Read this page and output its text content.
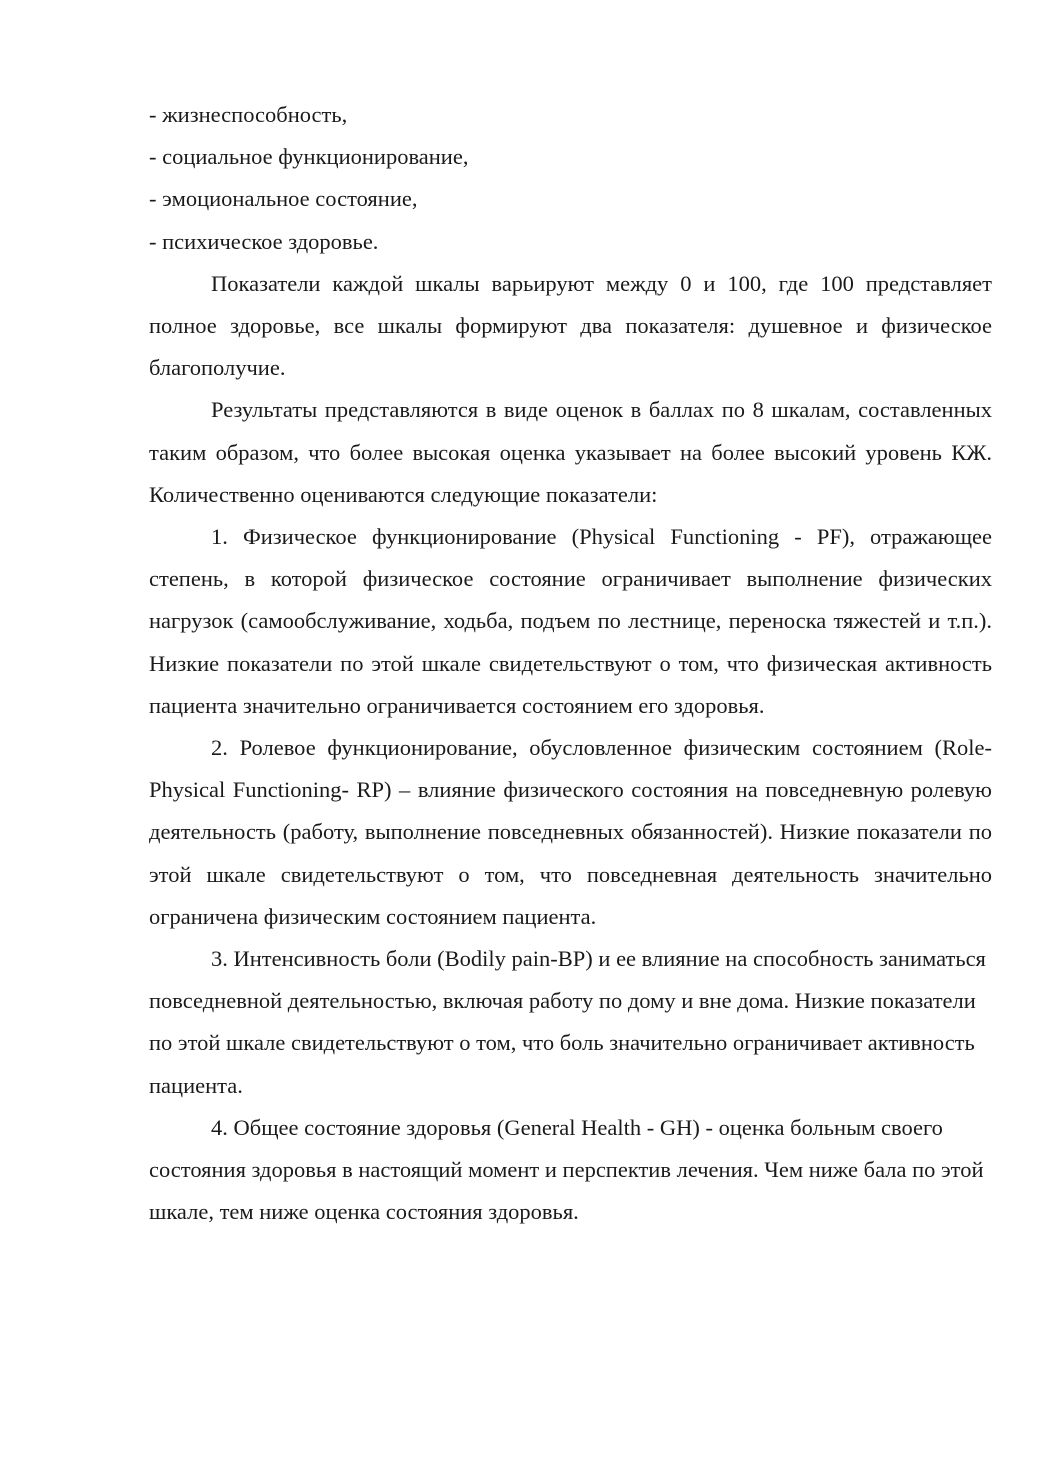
- жизнеспособность,

- социальное функционирование,

- эмоциональное состояние,

- психическое здоровье.

Показатели каждой шкалы варьируют между 0 и 100, где 100 представляет полное здоровье, все шкалы формируют два показателя: душевное и физическое благополучие.

Результаты представляются в виде оценок в баллах по 8 шкалам, составленных таким образом, что более высокая оценка указывает на более высокий уровень КЖ. Количественно оцениваются следующие показатели:

1. Физическое функционирование (Physical Functioning - PF), отражающее степень, в которой физическое состояние ограничивает выполнение физических нагрузок (самообслуживание, ходьба, подъем по лестнице, переноска тяжестей и т.п.). Низкие показатели по этой шкале свидетельствуют о том, что физическая активность пациента значительно ограничивается состоянием его здоровья.

2. Ролевое функционирование, обусловленное физическим состоянием (Role-Physical Functioning- RP) – влияние физического состояния на повседневную ролевую деятельность (работу, выполнение повседневных обязанностей). Низкие показатели по этой шкале свидетельствуют о том, что повседневная деятельность значительно ограничена физическим состоянием пациента.

3. Интенсивность боли (Bodily pain-BP) и ее влияние на способность заниматься повседневной деятельностью, включая работу по дому и вне дома. Низкие показатели по этой шкале свидетельствуют о том, что боль значительно ограничивает активность пациента.

4. Общее состояние здоровья (General Health - GH) - оценка больным своего состояния здоровья в настоящий момент и перспектив лечения. Чем ниже бала по этой шкале, тем ниже оценка состояния здоровья.
